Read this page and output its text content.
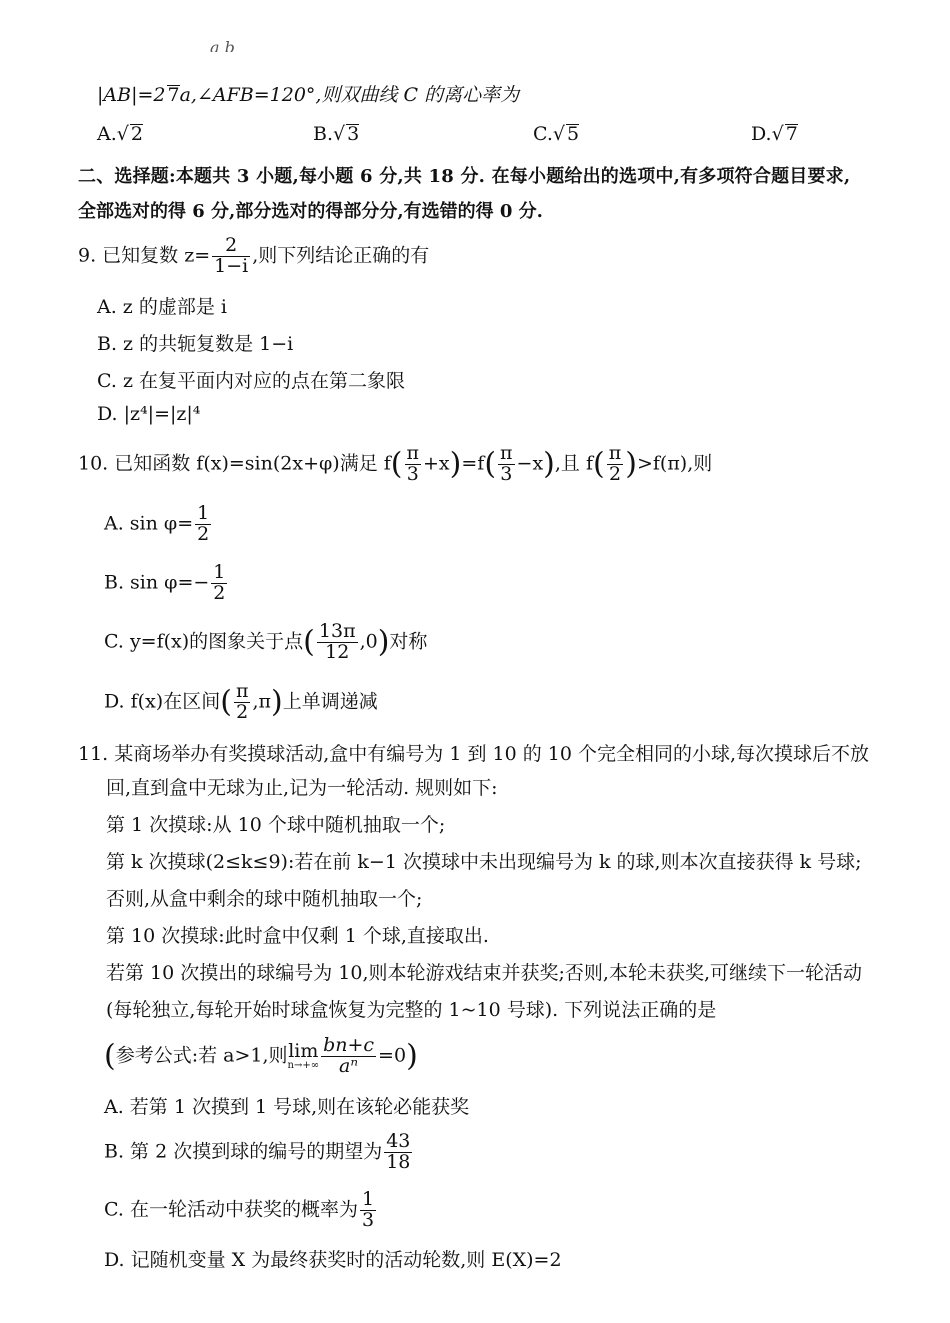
a b
|AB|=2 7a,∠AFB=120°,则双曲线 C 的离心率为
A.√ 2	B.√ 3	C.√ 5	D.√ 7
二、选择题:本题共 3 小题,每小题 6 分,共 18 分. 在每小题给出的选项中,有多项符合题目要求,
全部选对的得 6 分,部分选对的得部分分,有选错的得 0 分.
9. 已知复数 $z= \frac{2}{1-i}$ ,则下列结论正确的有
A. z 的虚部是 i
B. z 的共轭复数是 1−i
C. z 在复平面内对应的点在第二象限
D. |z⁴|=|z|⁴
10. 已知函数 f(x)=sin(2x+φ)满足 $f( \frac{\pi}{3} +x)=f( \frac{\pi}{3} -x)$,且 $f( \frac{\pi}{2} )>f(\pi)$,则
A. $\sin \varphi= \frac{1}{2}$
B. $\sin \varphi=- \frac{1}{2}$
C. y=f(x)的图象关于点( $\frac{13\pi}{12} ,0$)对称
D. f(x)在区间( $\frac{\pi}{2} ,\pi$)上单调递减
11. 某商场举办有奖摸球活动,盒中有编号为 1 到 10 的 10 个完全相同的小球,每次摸球后不放
回,直到盒中无球为止,记为一轮活动. 规则如下:
第 1 次摸球:从 10 个球中随机抽取一个;
第 k 次摸球(2≤k≤9):若在前 k−1 次摸球中未出现编号为 k 的球,则本次直接获得 k 号球;
否则,从盒中剩余的球中随机抽取一个;
第 10 次摸球:此时盒中仅剩 1 个球,直接取出.
若第 10 次摸出的球编号为 10,则本轮游戏结束并获奖;否则,本轮未获奖,可继续下一轮活动
(每轮独立,每轮开始时球盒恢复为完整的 1~10 号球). 下列说法正确的是
(参考公式:若 a>1,则lim
$n\to+\infty \frac{bn+c}{\text{aⁿ}} =0$)
A. 若第 1 次摸到 1 号球,则在该轮必能获奖
B. 第 2 次摸到球的编号的期望为 $\frac{43}{18}$
C. 在一轮活动中获奖的概率为 $\frac{1}{3}$
D. 记随机变量 X 为最终获奖时的活动轮数,则 E(X)=2
